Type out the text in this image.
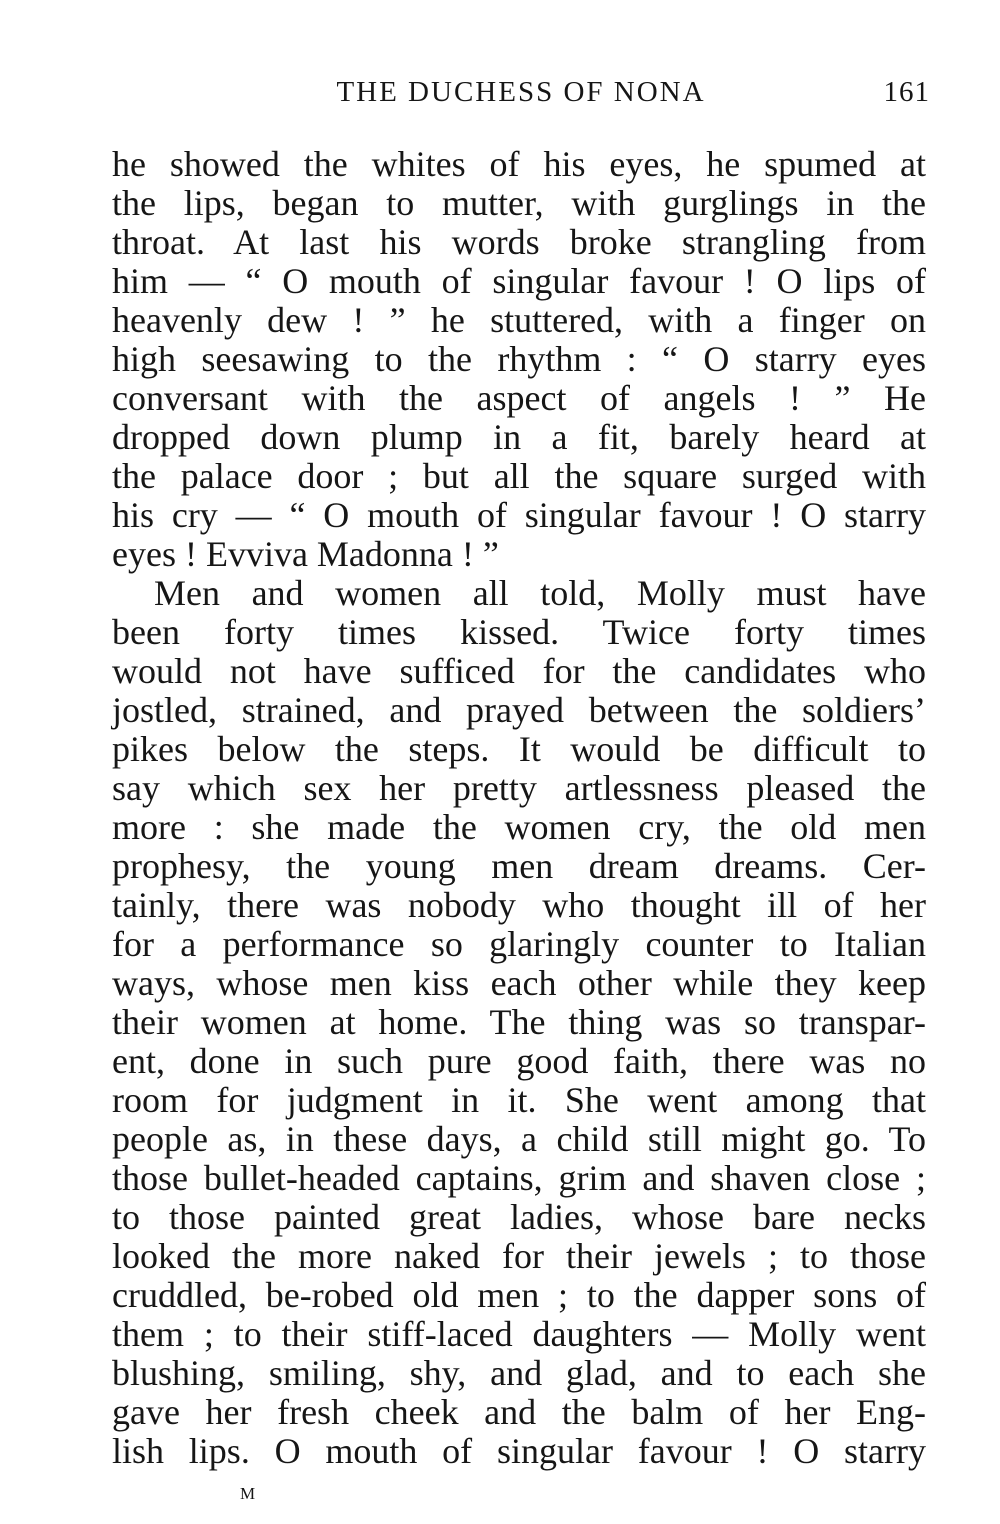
THE DUCHESS OF NONA	161
he showed the whites of his eyes, he spumed at
the lips, began to mutter, with gurglings in the
throat. At last his words broke strangling from
him — “ O mouth of singular favour ! O lips of
heavenly dew ! ” he stuttered, with a finger on
high seesawing to the rhythm : “ O starry eyes
conversant with the aspect of angels ! ” He
dropped down plump in a fit, barely heard at
the palace door ; but all the square surged with
his cry — “ O mouth of singular favour ! O starry
eyes ! Evviva Madonna ! ”
Men and women all told, Molly must have
been forty times kissed. Twice forty times
would not have sufficed for the candidates who
jostled, strained, and prayed between the soldiers’
pikes below the steps. It would be difficult to
say which sex her pretty artlessness pleased the
more : she made the women cry, the old men
prophesy, the young men dream dreams. Cer-
tainly, there was nobody who thought ill of her
for a performance so glaringly counter to Italian
ways, whose men kiss each other while they keep
their women at home. The thing was so transpar-
ent, done in such pure good faith, there was no
room for judgment in it. She went among that
people as, in these days, a child still might go. To
those bullet-headed captains, grim and shaven close ;
to those painted great ladies, whose bare necks
looked the more naked for their jewels ; to those
cruddled, be-robed old men ; to the dapper sons of
them ; to their stiff-laced daughters — Molly went
blushing, smiling, shy, and glad, and to each she
gave her fresh cheek and the balm of her Eng-
lish lips. O mouth of singular favour ! O starry
M
